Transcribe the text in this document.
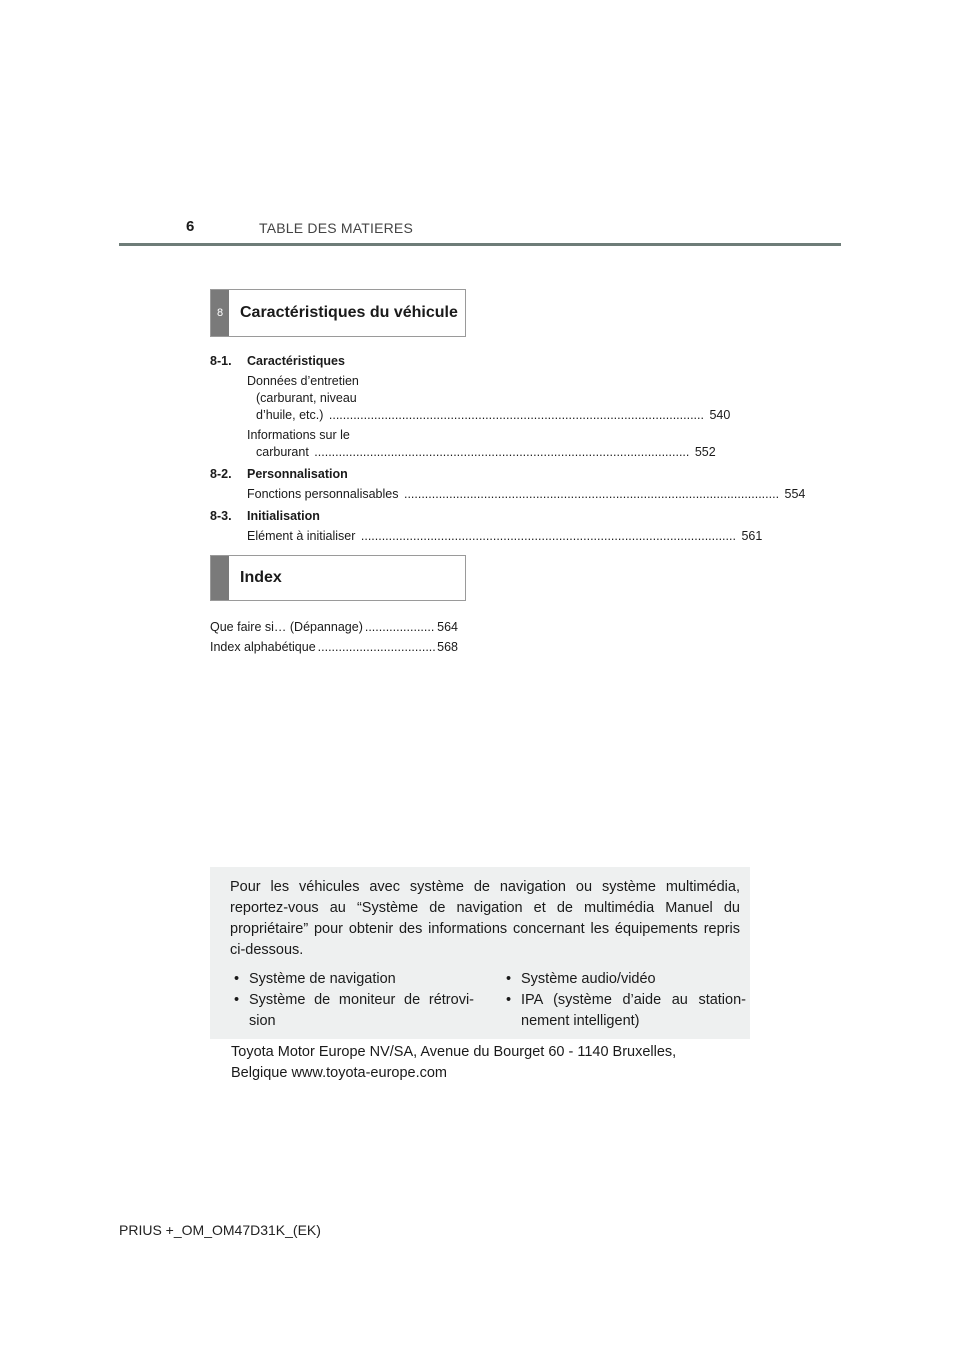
6	TABLE DES MATIERES
8	Caractéristiques du véhicule
8-1. Caractéristiques
Données d’entretien
(carburant, niveau
d’huile, etc.) .....	540
Informations sur le
carburant .....	552
8-2. Personnalisation
Fonctions personnalisables .....	554
8-3. Initialisation
Elément à initialiser .....	561
Index
Que faire si… (Dépannage) .....	564
Index alphabétique .....	568
Pour les véhicules avec système de navigation ou système multimédia, reportez-vous au “Système de navigation et de multimédia Manuel du propriétaire” pour obtenir des informations concernant les équipements repris ci-dessous.
• Système de navigation
• Système de moniteur de rétrovi-sion
• Système audio/vidéo
• IPA (système d’aide au station-nement intelligent)
Toyota Motor Europe NV/SA, Avenue du Bourget 60 - 1140 Bruxelles,
Belgique www.toyota-europe.com
PRIUS +_OM_OM47D31K_(EK)
